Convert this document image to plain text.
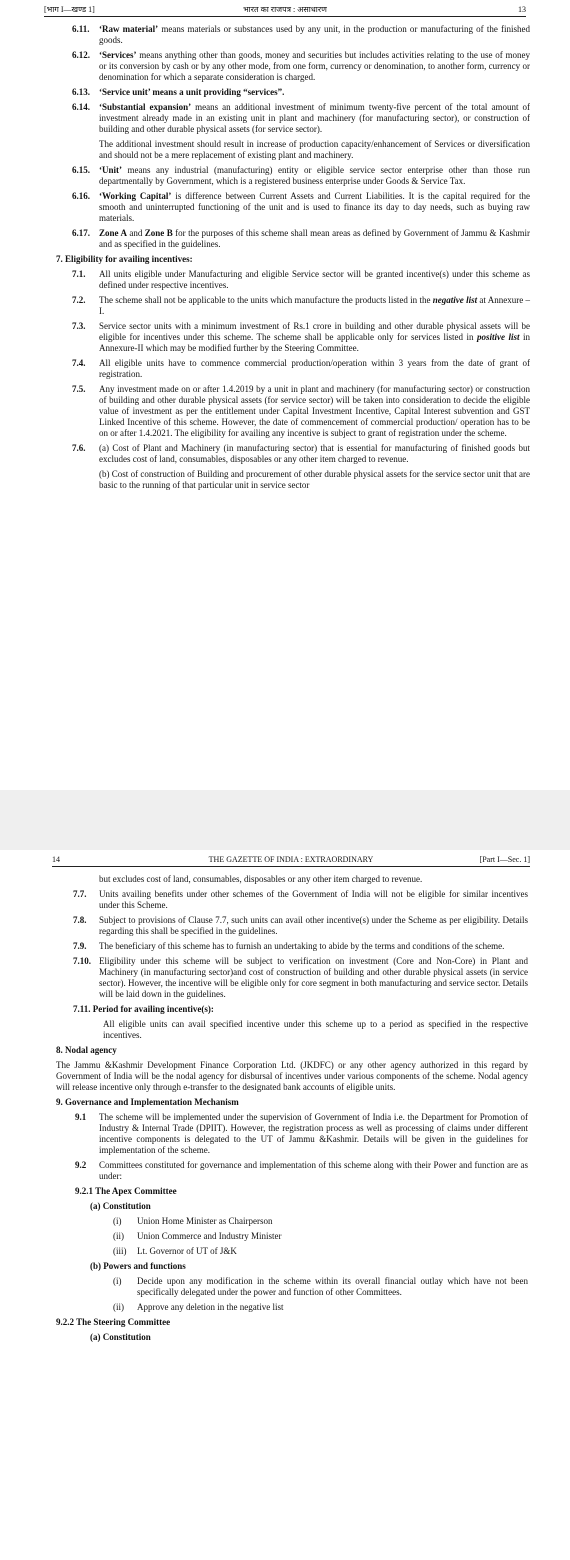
[भाग I—खण्ड 1]	भारत का राजपत्र : असाधारण	13
6.11. ‘Raw material’ means materials or substances used by any unit, in the production or manufacturing of the finished goods.
6.12. ‘Services’ means anything other than goods, money and securities but includes activities relating to the use of money or its conversion by cash or by any other mode, from one form, currency or denomination, to another form, currency or denomination for which a separate consideration is charged.
6.13. ‘Service unit’ means a unit providing “services”.
6.14. ‘Substantial expansion’ means an additional investment of minimum twenty-five percent of the total amount of investment already made in an existing unit in plant and machinery (for manufacturing sector), or construction of building and other durable physical assets (for service sector).
The additional investment should result in increase of production capacity/enhancement of Services or diversification and should not be a mere replacement of existing plant and machinery.
6.15. ‘Unit’ means any industrial (manufacturing) entity or eligible service sector enterprise other than those run departmentally by Government, which is a registered business enterprise under Goods & Service Tax.
6.16. ‘Working Capital’ is difference between Current Assets and Current Liabilities. It is the capital required for the smooth and uninterrupted functioning of the unit and is used to finance its day to day needs, such as buying raw materials.
6.17. Zone A and Zone B for the purposes of this scheme shall mean areas as defined by Government of Jammu & Kashmir and as specified in the guidelines.
7. Eligibility for availing incentives:
7.1. All units eligible under Manufacturing and eligible Service sector will be granted incentive(s) under this scheme as defined under respective incentives.
7.2. The scheme shall not be applicable to the units which manufacture the products listed in the negative list at Annexure –I.
7.3. Service sector units with a minimum investment of Rs.1 crore in building and other durable physical assets will be eligible for incentives under this scheme. The scheme shall be applicable only for services listed in positive list in Annexure-II which may be modified further by the Steering Committee.
7.4. All eligible units have to commence commercial production/operation within 3 years from the date of grant of registration.
7.5. Any investment made on or after 1.4.2019 by a unit in plant and machinery (for manufacturing sector) or construction of building and other durable physical assets (for service sector) will be taken into consideration to decide the eligible value of investment as per the entitlement under Capital Investment Incentive, Capital Interest subvention and GST Linked Incentive of this scheme. However, the date of commencement of commercial production/ operation has to be on or after 1.4.2021. The eligibility for availing any incentive is subject to grant of registration under the scheme.
7.6. (a) Cost of Plant and Machinery (in manufacturing sector) that is essential for manufacturing of finished goods but excludes cost of land, consumables, disposables or any other item charged to revenue.
(b) Cost of construction of Building and procurement of other durable physical assets for the service sector unit that are basic to the running of that particular unit in service sector
14	THE GAZETTE OF INDIA : EXTRAORDINARY	[Part I—Sec. 1]
but excludes cost of land, consumables, disposables or any other item charged to revenue.
7.7. Units availing benefits under other schemes of the Government of India will not be eligible for similar incentives under this Scheme.
7.8. Subject to provisions of Clause 7.7, such units can avail other incentive(s) under the Scheme as per eligibility. Details regarding this shall be specified in the guidelines.
7.9. The beneficiary of this scheme has to furnish an undertaking to abide by the terms and conditions of the scheme.
7.10. Eligibility under this scheme will be subject to verification on investment (Core and Non-Core) in Plant and Machinery (in manufacturing sector)and cost of construction of building and other durable physical assets (in service sector). However, the incentive will be eligible only for core segment in both manufacturing and service sector. Details will be laid down in the guidelines.
7.11. Period for availing incentive(s):
All eligible units can avail specified incentive under this scheme up to a period as specified in the respective incentives.
8. Nodal agency
The Jammu &Kashmir Development Finance Corporation Ltd. (JKDFC) or any other agency authorized in this regard by Government of India will be the nodal agency for disbursal of incentives under various components of the scheme. Nodal agency will release incentive only through e-transfer to the designated bank accounts of eligible units.
9. Governance and Implementation Mechanism
9.1 The scheme will be implemented under the supervision of Government of India i.e. the Department for Promotion of Industry & Internal Trade (DPIIT). However, the registration process as well as processing of claims under different incentive components is delegated to the UT of Jammu &Kashmir. Details will be given in the guidelines for implementation of the scheme.
9.2 Committees constituted for governance and implementation of this scheme along with their Power and function are as under:
9.2.1 The Apex Committee
(a) Constitution
(i) Union Home Minister as Chairperson
(ii) Union Commerce and Industry Minister
(iii) Lt. Governor of UT of J&K
(b) Powers and functions
(i) Decide upon any modification in the scheme within its overall financial outlay which have not been specifically delegated under the power and function of other Committees.
(ii) Approve any deletion in the negative list
9.2.2 The Steering Committee
(a) Constitution
